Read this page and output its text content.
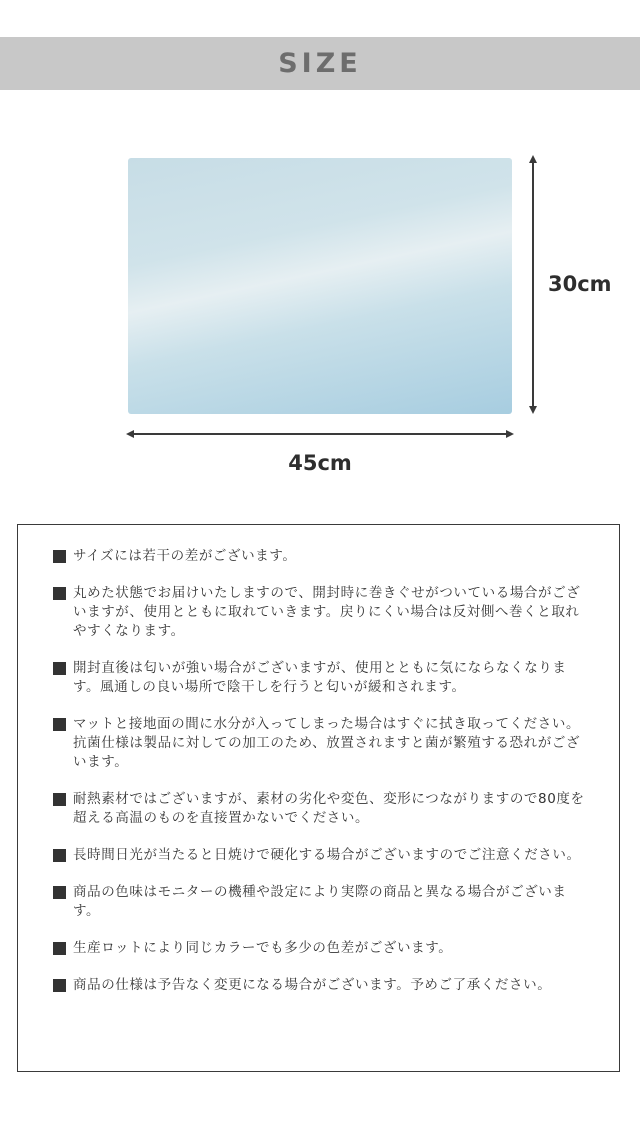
SIZE
30cm
45cm
サイズには若干の差がございます。
丸めた状態でお届けいたしますので、開封時に巻きぐせがついている場合がございますが、使用とともに取れていきます。戻りにくい場合は反対側へ巻くと取れやすくなります。
開封直後は匂いが強い場合がございますが、使用とともに気にならなくなります。風通しの良い場所で陰干しを行うと匂いが緩和されます。
マットと接地面の間に水分が入ってしまった場合はすぐに拭き取ってください。抗菌仕様は製品に対しての加工のため、放置されますと菌が繁殖する恐れがございます。
耐熱素材ではございますが、素材の劣化や変色、変形につながりますので80度を超える高温のものを直接置かないでください。
長時間日光が当たると日焼けで硬化する場合がございますのでご注意ください。
商品の色味はモニターの機種や設定により実際の商品と異なる場合がございます。
生産ロットにより同じカラーでも多少の色差がございます。
商品の仕様は予告なく変更になる場合がございます。予めご了承ください。
